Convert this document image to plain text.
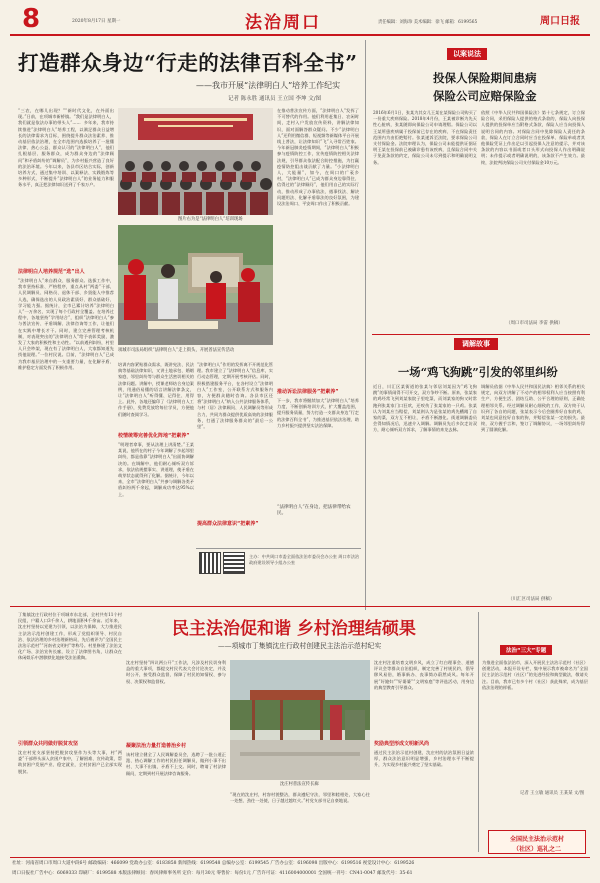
8	2020年8月17日 星期一	法治周口	责任编辑：刘海珍 美术编辑：徐飞 邮箱：6199565	周口日报
打造群众身边“行走的法律百科全书”
——我市开展“法律明白人”培养工作纪实
记者 陈永胜 通讯员 王立国 李坤 文/图
“三农，在哪儿出现？”“新时代文化，在外面出现。”日前，在项城市新桥镇。“我们是法律明白人，我们就是依法办事的带头人”……  多年来，我市持续推进“法律明白人”培养工程，以满足群众日益增长的法律需求为目标，围绕提升群众法治素养、推动基层依法治理，在全市范围内选拔培养了一批懂法律、热心公益、群众认可的“法律明白人”，他们扎根基层、服务群众，成为群众身边的“法律顾问”和矛盾纠纷的“调解员”，为乡村振兴营造了良好的法治环境。今年以来，各县市区结合实际，创新培养方式，通过集中培训、以案释法、实践锻炼等多种形式，不断提升“法律明白人”的业务能力和服务水平，真正把法律知识送到了千家万户。
法律明白人培养规范“选”出人
“法律明白人”来自群众、服务群众。选拔工作中，我市坚持标准、严格程序，重点从村“两委”干部、人民调解员、网格员、退休干部、乡贤能人中推荐人选，确保选出的人员政治素质好、群众基础好、学习能力强。据统计，全市已累计培养“法律明白人”一万余名，实现了每个行政村全覆盖。在培养过程中，各地坚持“学用结合”，组织“法律明白人”参与普法宣传、矛盾调解、法律咨询等工作，让他们在实践中增长才干。同时，建立完善管理考核机制，对表现突出的“法律明白人”给予表彰奖励，激发了大家的积极性和主动性。“以前遇到纠纷，村里人只会吵架，现在有了法律明白人，大家都知道先找他说理。”一位村民说。目前，“法律明白人”已成为我市基层治理中的一支重要力量，在化解矛盾、维护稳定方面发挥了积极作用。
图片右为是“法律明白人”培训现场
项城市司法局组织“法律明白人”走上街头，开展普法宣传活动
培训内容紧贴群众需求，既讲宪法、民法典等基础法律知识，又讲土地承包、婚姻家庭、邻里纠纷等与群众生活密切相关的法律问题。讲解中，授课老师结合身边案例，用通俗易懂的语言讲解法律条文，让“法律明白人”听得懂、记得住、用得上。此外，各地还编印了《法律明白人工作手册》，免费发放给每位学员，方便他们随时查阅学习。
校情统筹完善优化阵地“把素养”
“明理者拿事，要从法理上讲清楚。”王某某说，他所在的村子今年调解了多起邻里纠纷，都是依靠“法律明白人”出面协调解决的。在调解中，他们耐心倾听双方诉求，依法依规摆事实、讲道理，使矛盾在萌芽状态就得到了化解。据统计，今年以来，全市“法律明白人”共参与调解各类矛盾纠纷两千余起，调解成功率达95%以上。
“法律明白人”作用的发挥离不开规范化管理。我市建立了“法律明白人”信息库，实行动态管理，定期开展考核评估。同时，积极搭建服务平台，在各村设立“法律明白人”工作室，公开联系方式和服务内容，方便群众随时咨询。各县市区还将“法律明白人”纳入公共法律服务体系，与村（居）法律顾问、人民调解员等形成合力，共同为群众提供优质高效的法律服务，打通了法律服务群众的“最后一公里”。
提高群众法律意识“把素养”
在推动普法宣传方面，“法律明白人”发挥了不可替代的作用。他们利用赶集日、农闲时间，走村入户发放宣传资料，讲解法律知识，面对面解答群众疑问。不少“法律明白人”还利用微信群、短视频等新媒体平台开展线上普法，让法律知识“飞”入寻常百姓家。今年新冠肺炎疫情期间，“法律明白人”积极参与疫情防控工作，宣传疫情防控相关法律法规，引导群众依法配合防控措施，为打赢疫情防控阻击战贡献了力量。“小法律明白人，大能量”，如今，在周口的广袤乡村，“法律明白人”已成为群众身边靠得住、信得过的“法律顾问”，他们用自己的实际行动，推动形成了办事依法、遇事找法、解决问题用法、化解矛盾靠法的良好氛围，为建设法治周口、平安周口作出了积极贡献。
推动诉讼法律服务”把素养”
下一步，我市将继续加大“法律明白人”培养力度，不断创新培训方式，扩大覆盖范围，提升服务质量，努力打造一支群众身边“行走的法律百科全书”，为推进基层依法治理、助力乡村振兴提供坚实法治保障。
“法律明白人”在身边，把法律带给农民。
主办：中共周口市委全面依法治市委员会办公室 周口市法治政府建设领导小组办公室
以案说法
投保人保险期间患病
保险公司应赔保险金
2016年6月1日，张某为其女儿王某在某保险公司购买了一份重大疾病保险。2018年4月份，王某被诊断为先天性心脏病，张某随即向保险公司申请理赔。保险公司以王某所患疾病属于投保前已存在的疾病、不在保险责任范围内为由拒绝赔付。张某遂诉至法院，要求保险公司支付保险金。法院审理认为，保险公司未能提供证据证明王某在投保前已被确诊患有该疾病，且保险合同中关于免责条款的约定，保险公司未尽到提示和明确说明义务。
依照《中华人民共和国保险法》第十七条规定，订立保险合同，采用保险人提供的格式条款的，保险人向投保人提供的投保单应当附格式条款，保险人应当向投保人说明合同的内容。对保险合同中免除保险人责任的条款，保险人在订立合同时应当在投保单、保险单或者其他保险凭证上作出足以引起投保人注意的提示，并对该条款的内容以书面或者口头形式向投保人作出明确说明；未作提示或者明确说明的，该条款不产生效力。最终，法院判决保险公司支付保险金10万元。
（周口市司法局 李雷 供稿）
调解故事
一场“鸡飞狗跳”引发的邻里纠纷
近日，川汇区某街道的张某与邻居刘某因为“鸡飞狗跳”的事情闹得不可开交，双方争吵不断。原来，张某家的鸡经常飞到刘某家院子里吃菜，而刘某家的狗又时常跑到张某家门口狂吠，还咬伤了张某家的一只鸡。张某认为刘某应当赔偿，刘某则认为是张某的鸡先糟蹋了自家的菜，双方互不相让，矛盾不断激化。街道调解委员会得知情况后，迅速介入调解。调解员先后多次走访双方，耐心倾听双方诉求，了解事情的来龙去脉。
调解员依据《中华人民共和国民法典》相邻关系的相关规定，向双方讲解了不动产的相邻权利人应当按照有利生产、方便生活、团结互助、公平合理的原则，正确处理相邻关系。经过调解员耐心细致的工作，双方终于认识到了各自的问题，张某表示今后会圈养好自家的鸡，刘某也同意拴好自家的狗，并赔偿张某一定的损失。最终，双方握手言和，签订了调解协议，一场邻里纠纷得到了圆满化解。
（川汇区司法局 供稿）
民主法治促和谐 乡村治理结硕果
——项城市丁集镇沈庄行政村创建民主法治示范村纪实
丁集镇沈庄行政村位于项城市东北部，全村共有11个村民组，户籍人口3千余人，耕地面积4千余亩。近年来，沈庄村坚持以党建为引领，以法治为保障，大力推进民主法治示范村创建工作，形成了党组织领导、村民自治、依法治理的乡村治理新格局，先后被评为“全国民主法治示范村”“河南省文明村”等称号。村里修建了法治文化广场、法治宣传长廊，设立了法律图书角，让群众在休闲娱乐中潜移默化地接受法治熏陶。
引领群众共同做好脱贫攻坚
沈庄村党支部坚持把脱贫攻坚作为头等大事，村“两委”干部带头深入贫困户家中，了解困难、宣传政策，帮助贫困户发展产业、稳定就业，全村贫困户已全部实现脱贫。
沈庄村坚持“四议两公开”工作法，凡涉及村民切身利益的重大事项，都提交村民代表大会讨论决定，并及时公开，接受群众监督，保障了村民的知情权、参与权、决策权和监督权。
凝聚法治力量打造善治乡村
该村建立健全了人民调解委员会，选聘了一批公道正派、热心调解工作的村民担任调解员，做到小事不出村、大事不出镇，矛盾不上交。同时，聘请了村法律顾问，定期到村开展法律咨询服务。
沈庄村普法宣传长廊
“现在的沈庄村，村容村貌整洁，群众遵纪守法，邻里和睦相处，大家心往一处想、劲往一处使，日子越过越红火。”村党支部书记自豪地说。
记者 王立敏 通讯员 王某某 文/图
沈庄村注重培育文明乡风，成立了红白理事会、道德评议会等群众自治组织，制定完善了村规民约，倡导移风易俗，婚事新办、丧事简办蔚然成风。每年开展“好媳妇”“好婆婆”“文明家庭”等评选活动，用身边的典型教育引导群众。
奖励典型形成文明新风尚
通过民主法治示范村创建，沈庄村的法治氛围日益浓厚，群众法治意识明显增强，乡村治理水平不断提升，为实现乡村振兴奠定了坚实基础。
法治“三大”专题
为推进全面依法治市，深入开展民主法治示范村（社区）创建活动，本报开设专栏，集中展示我市被命名为“全国民主法治示范村（社区）”的先进经验和典型做法，敬请关注。目前，我市已有多个村（社区）获此殊荣，成为基层依法治理的样板。
全国民主法治示范村
（社区）巡礼之二
社址：河南省周口市周口大道中段6号 邮政编码：466099 党政办公室：6183858 新闻热线：6199548 总编办公室：6199545 广告办公室：6196098 出版中心：6199516 视觉设计中心：6199526
周口日报社广告中心：6069333 印刷厂：6199588 本版法律顾问：春风律师事务所 定价：每月30元 零售价：每份1元 广告许可证：4116004000001 全国统一刊号：CN41-0047 邮发代号：35-61
